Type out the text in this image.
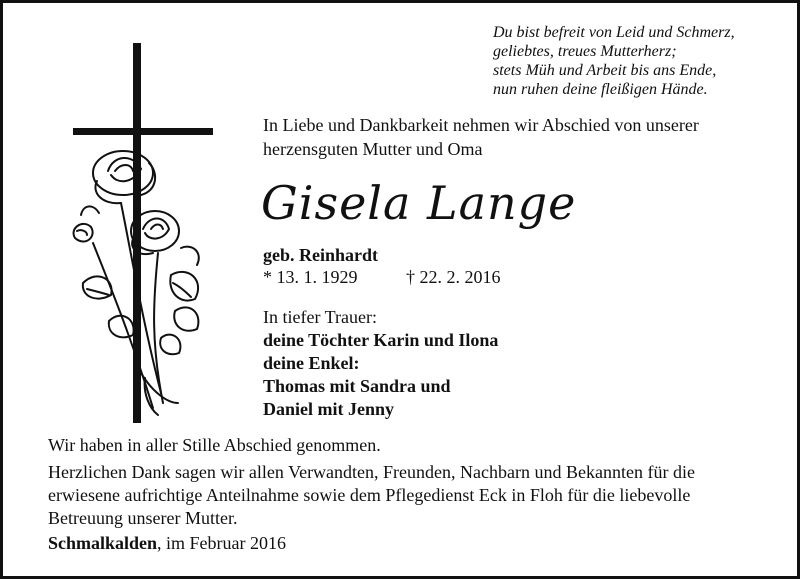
Du bist befreit von Leid und Schmerz,
geliebtes, treues Mutterherz;
stets Müh und Arbeit bis ans Ende,
nun ruhen deine fleißigen Hände.
In Liebe und Dankbarkeit nehmen wir Abschied von unserer
herzensguten Mutter und Oma
Gisela Lange
geb. Reinhardt
* 13. 1. 1929	† 22. 2. 2016
In tiefer Trauer:
deine Töchter Karin und Ilona
deine Enkel:
Thomas mit Sandra und
Daniel mit Jenny
Wir haben in aller Stille Abschied genommen.
Herzlichen Dank sagen wir allen Verwandten, Freunden, Nachbarn und Bekannten für die
erwiesene aufrichtige Anteilnahme sowie dem Pflegedienst Eck in Floh für die liebevolle
Betreuung unserer Mutter.
Schmalkalden, im Februar 2016
